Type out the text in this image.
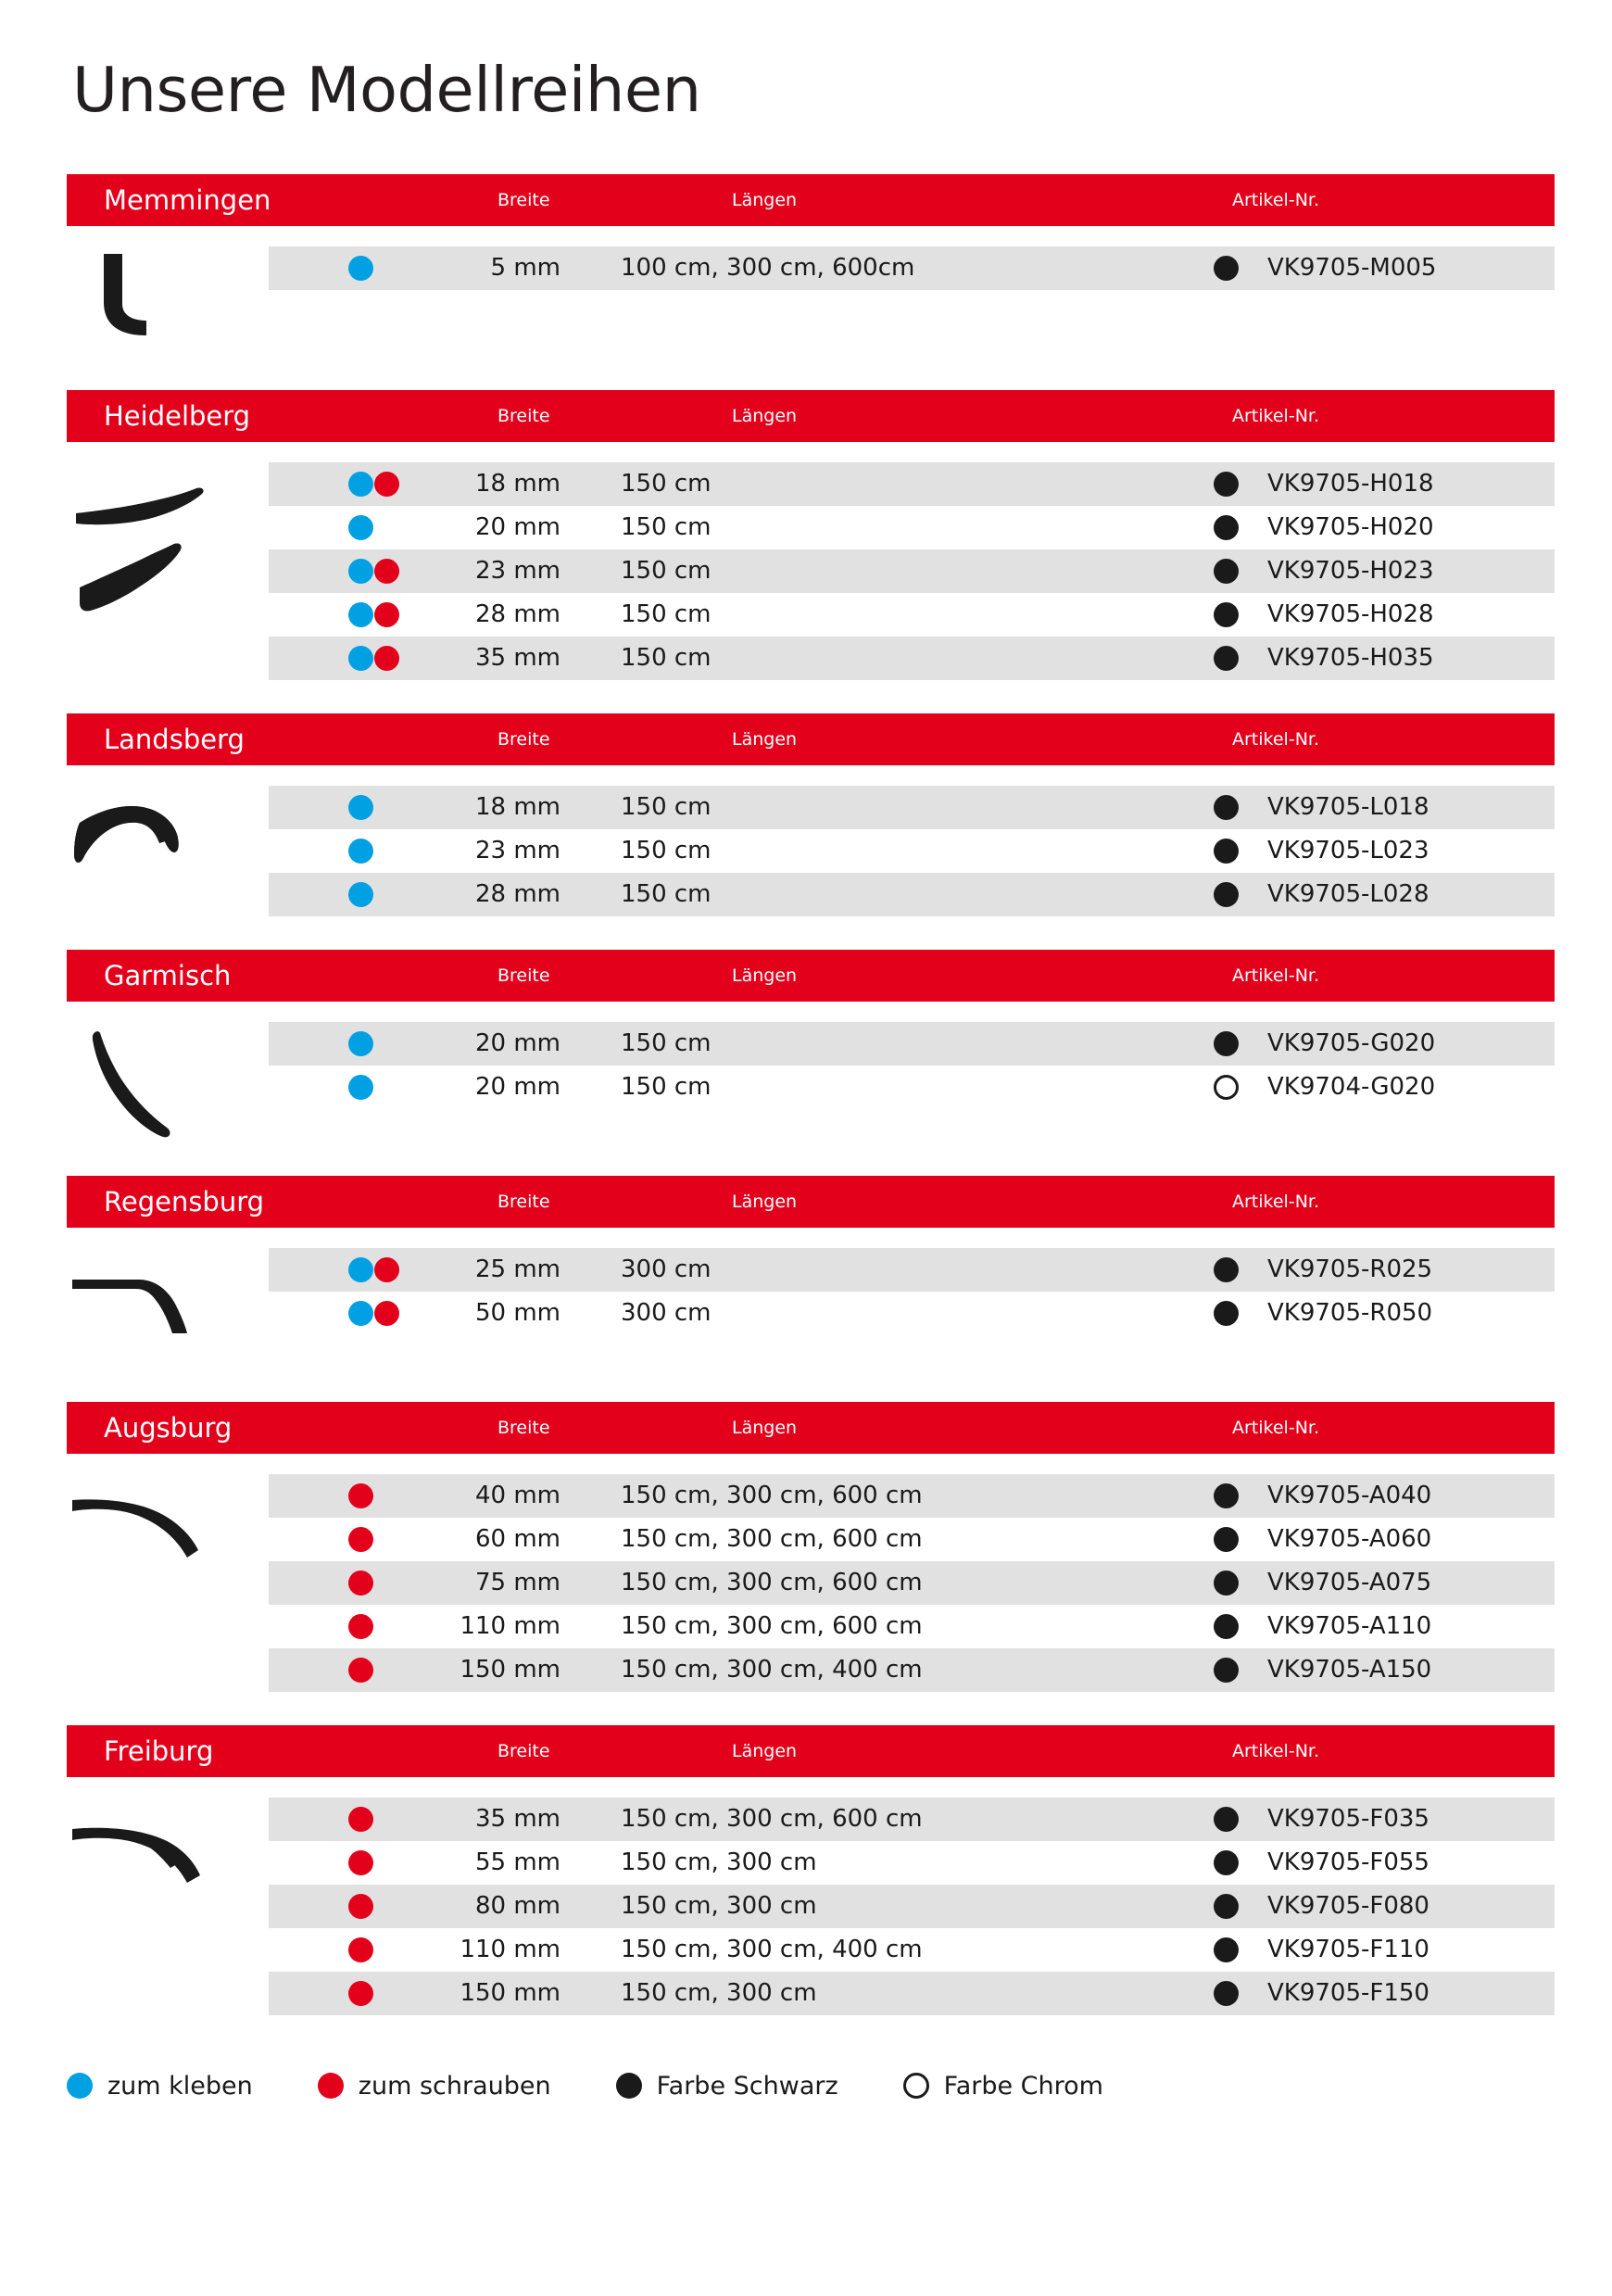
Unsere Modellreihen
Memmingen	Breite	Längen	Artikel-Nr.
5 mm	100 cm, 300 cm, 600cm	VK9705-M005
Heidelberg	Breite	Längen	Artikel-Nr.
18 mm	150 cm	VK9705-H018
20 mm	150 cm	VK9705-H020
23 mm	150 cm	VK9705-H023
28 mm	150 cm	VK9705-H028
35 mm	150 cm	VK9705-H035
Landsberg	Breite	Längen	Artikel-Nr.
18 mm	150 cm	VK9705-L018
23 mm	150 cm	VK9705-L023
28 mm	150 cm	VK9705-L028
Garmisch	Breite	Längen	Artikel-Nr.
20 mm	150 cm	VK9705-G020
20 mm	150 cm	VK9704-G020
Regensburg	Breite	Längen	Artikel-Nr.
25 mm	300 cm	VK9705-R025
50 mm	300 cm	VK9705-R050
Augsburg	Breite	Längen	Artikel-Nr.
40 mm	150 cm, 300 cm, 600 cm	VK9705-A040
60 mm	150 cm, 300 cm, 600 cm	VK9705-A060
75 mm	150 cm, 300 cm, 600 cm	VK9705-A075
110 mm	150 cm, 300 cm, 600 cm	VK9705-A110
150 mm	150 cm, 300 cm, 400 cm	VK9705-A150
Freiburg	Breite	Längen	Artikel-Nr.
35 mm	150 cm, 300 cm, 600 cm	VK9705-F035
55 mm	150 cm, 300 cm	VK9705-F055
80 mm	150 cm, 300 cm	VK9705-F080
110 mm	150 cm, 300 cm, 400 cm	VK9705-F110
150 mm	150 cm, 300 cm	VK9705-F150
zum kleben	zum schrauben	Farbe Schwarz	Farbe Chrom
